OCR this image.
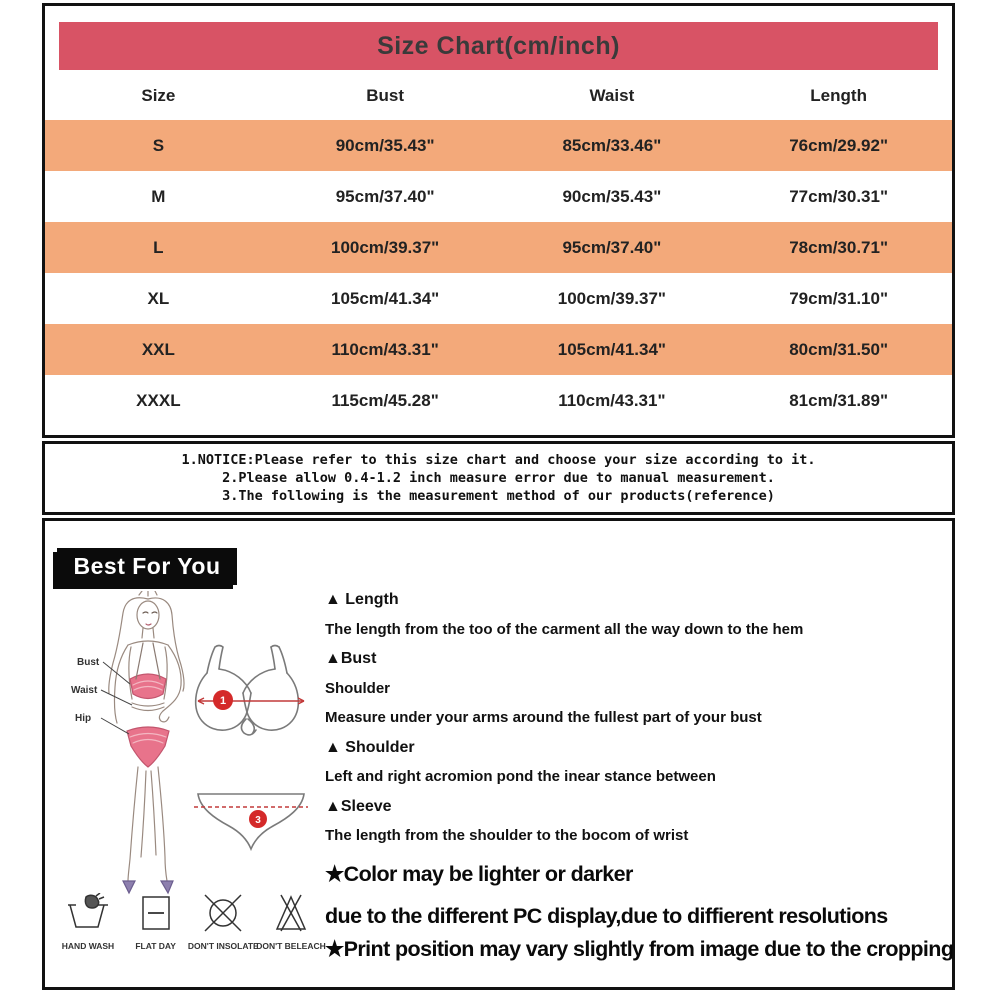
Size Chart(cm/inch)
Size	Bust	Waist	Length
S	90cm/35.43"	85cm/33.46"	76cm/29.92"
M	95cm/37.40"	90cm/35.43"	77cm/30.31"
L	100cm/39.37"	95cm/37.40"	78cm/30.71"
XL	105cm/41.34"	100cm/39.37"	79cm/31.10"
XXL	110cm/43.31"	105cm/41.34"	80cm/31.50"
XXXL	115cm/45.28"	110cm/43.31"	81cm/31.89"
1.NOTICE:Please refer to this size chart and choose your size according to it.
2.Please allow 0.4-1.2 inch measure error due to manual measurement.
3.The following is the measurement method of our products(reference)
Best For You
Bust
Waist
Hip
1
3
HAND WASH FLAT DAY DON'T INSOLATE
DON'T BELEACH
▲ Length
The length from the too of the carment all the way down to the hem
▲Bust
Shoulder
Measure under your arms around the fullest part of your bust
▲ Shoulder
Left and right acromion pond the inear stance between
▲Sleeve
The length from the shoulder to the bocom of wrist
★Color may be lighter or darker
due to the different PC display,due to diffierent resolutions
★Print position may vary slightly from image due to the cropping
